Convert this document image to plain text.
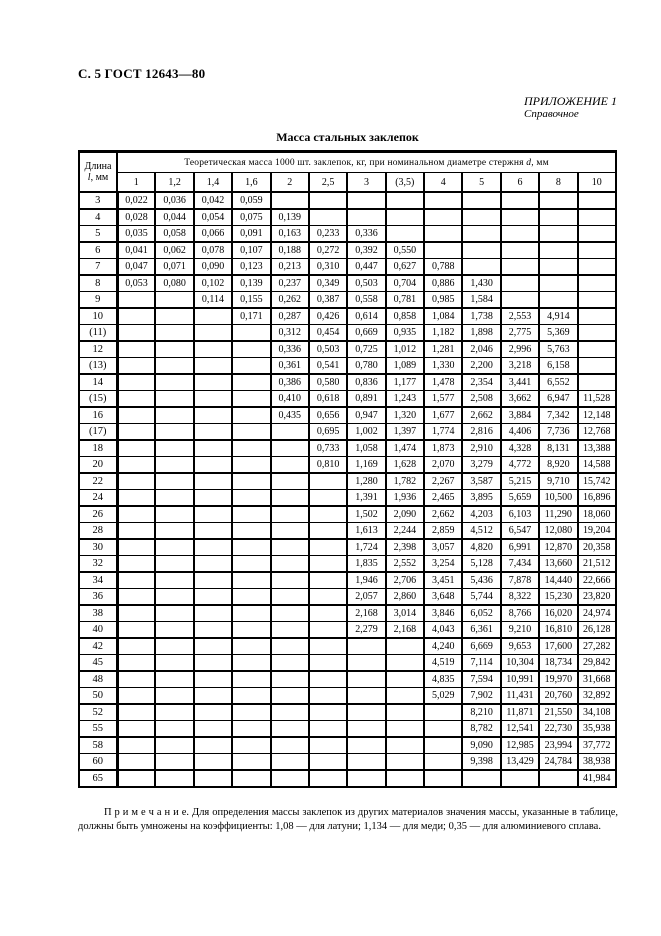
С. 5 ГОСТ 12643—80
ПРИЛОЖЕНИЕ 1
Справочное
Масса стальных заклепок
Длина
l, мм	Теоретическая масса 1000 шт. заклепок, кг, при номинальном диаметре стержня d, мм												
	1	1,2	1,4	1,6	2	2,5	3	(3,5)	4	5	6	8	10
3	0,022	0,036	0,042	0,059									
4	0,028	0,044	0,054	0,075	0,139								
5	0,035	0,058	0,066	0,091	0,163	0,233	0,336						
6	0,041	0,062	0,078	0,107	0,188	0,272	0,392	0,550					
7	0,047	0,071	0,090	0,123	0,213	0,310	0,447	0,627	0,788				
8	0,053	0,080	0,102	0,139	0,237	0,349	0,503	0,704	0,886	1,430			
9			0,114	0,155	0,262	0,387	0,558	0,781	0,985	1,584			
10				0,171	0,287	0,426	0,614	0,858	1,084	1,738	2,553	4,914	
(11)					0,312	0,454	0,669	0,935	1,182	1,898	2,775	5,369	
12					0,336	0,503	0,725	1,012	1,281	2,046	2,996	5,763	
(13)					0,361	0,541	0,780	1,089	1,330	2,200	3,218	6,158	
14					0,386	0,580	0,836	1,177	1,478	2,354	3,441	6,552	
(15)					0,410	0,618	0,891	1,243	1,577	2,508	3,662	6,947	11,528
16					0,435	0,656	0,947	1,320	1,677	2,662	3,884	7,342	12,148
(17)						0,695	1,002	1,397	1,774	2,816	4,406	7,736	12,768
18						0,733	1,058	1,474	1,873	2,910	4,328	8,131	13,388
20						0,810	1,169	1,628	2,070	3,279	4,772	8,920	14,588
22							1,280	1,782	2,267	3,587	5,215	9,710	15,742
24							1,391	1,936	2,465	3,895	5,659	10,500	16,896
26							1,502	2,090	2,662	4,203	6,103	11,290	18,060
28							1,613	2,244	2,859	4,512	6,547	12,080	19,204
30							1,724	2,398	3,057	4,820	6,991	12,870	20,358
32							1,835	2,552	3,254	5,128	7,434	13,660	21,512
34							1,946	2,706	3,451	5,436	7,878	14,440	22,666
36							2,057	2,860	3,648	5,744	8,322	15,230	23,820
38							2,168	3,014	3,846	6,052	8,766	16,020	24,974
40							2,279	2,168	4,043	6,361	9,210	16,810	26,128
42									4,240	6,669	9,653	17,600	27,282
45									4,519	7,114	10,304	18,734	29,842
48									4,835	7,594	10,991	19,970	31,668
50									5,029	7,902	11,431	20,760	32,892
52										8,210	11,871	21,550	34,108
55										8,782	12,541	22,730	35,938
58										9,090	12,985	23,994	37,772
60										9,398	13,429	24,784	38,938
65													41,984
П р и м е ч а н и е. Для определения массы заклепок из других материалов значения массы, указанные в таблице, должны быть умножены на коэффициенты: 1,08 — для латуни; 1,134 — для меди; 0,35 — для алюминиевого сплава.
